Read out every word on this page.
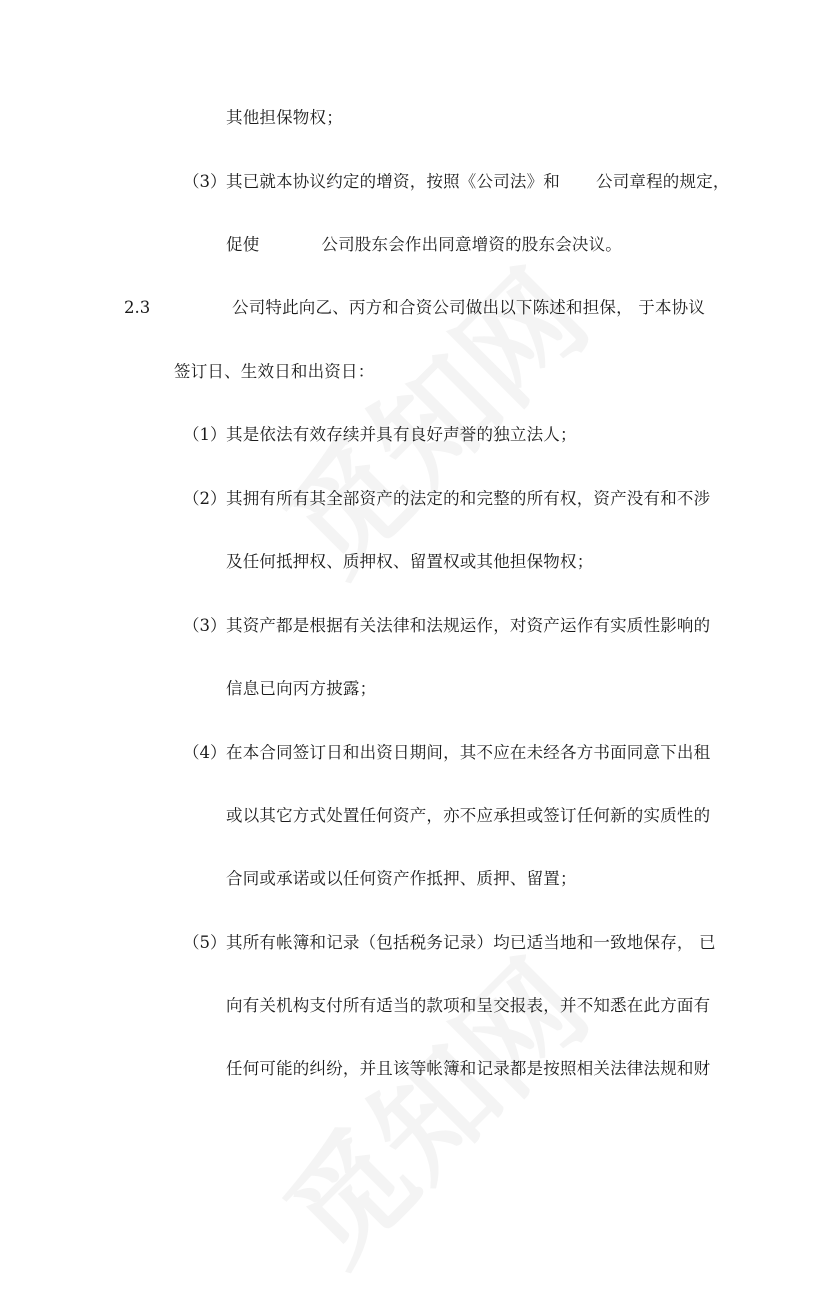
其他担保物权；
（3） 其已就本协议约定的增资，按照《公司法》和 公司章程的规定，
促使	公司股东会作出同意增资的股东会决议。
2.3	公司特此向乙、丙方和合资公司做出以下陈述和担保， 于本协议
签订日、生效日和出资日：
（1） 其是依法有效存续并具有良好声誉的独立法人；
（2） 其拥有所有其全部资产的法定的和完整的所有权，资产没有和不涉
及任何抵押权、质押权、留置权或其他担保物权；
（3） 其资产都是根据有关法律和法规运作，对资产运作有实质性影响的
信息已向丙方披露；
（4） 在本合同签订日和出资日期间，其不应在未经各方书面同意下出租
或以其它方式处置任何资产，亦不应承担或签订任何新的实质性的
合同或承诺或以任何资产作抵押、质押、留置；
（5） 其所有帐簿和记录（包括税务记录）均已适当地和一致地保存， 已
向有关机构支付所有适当的款项和呈交报表，并不知悉在此方面有
任何可能的纠纷，并且该等帐簿和记录都是按照相关法律法规和财
